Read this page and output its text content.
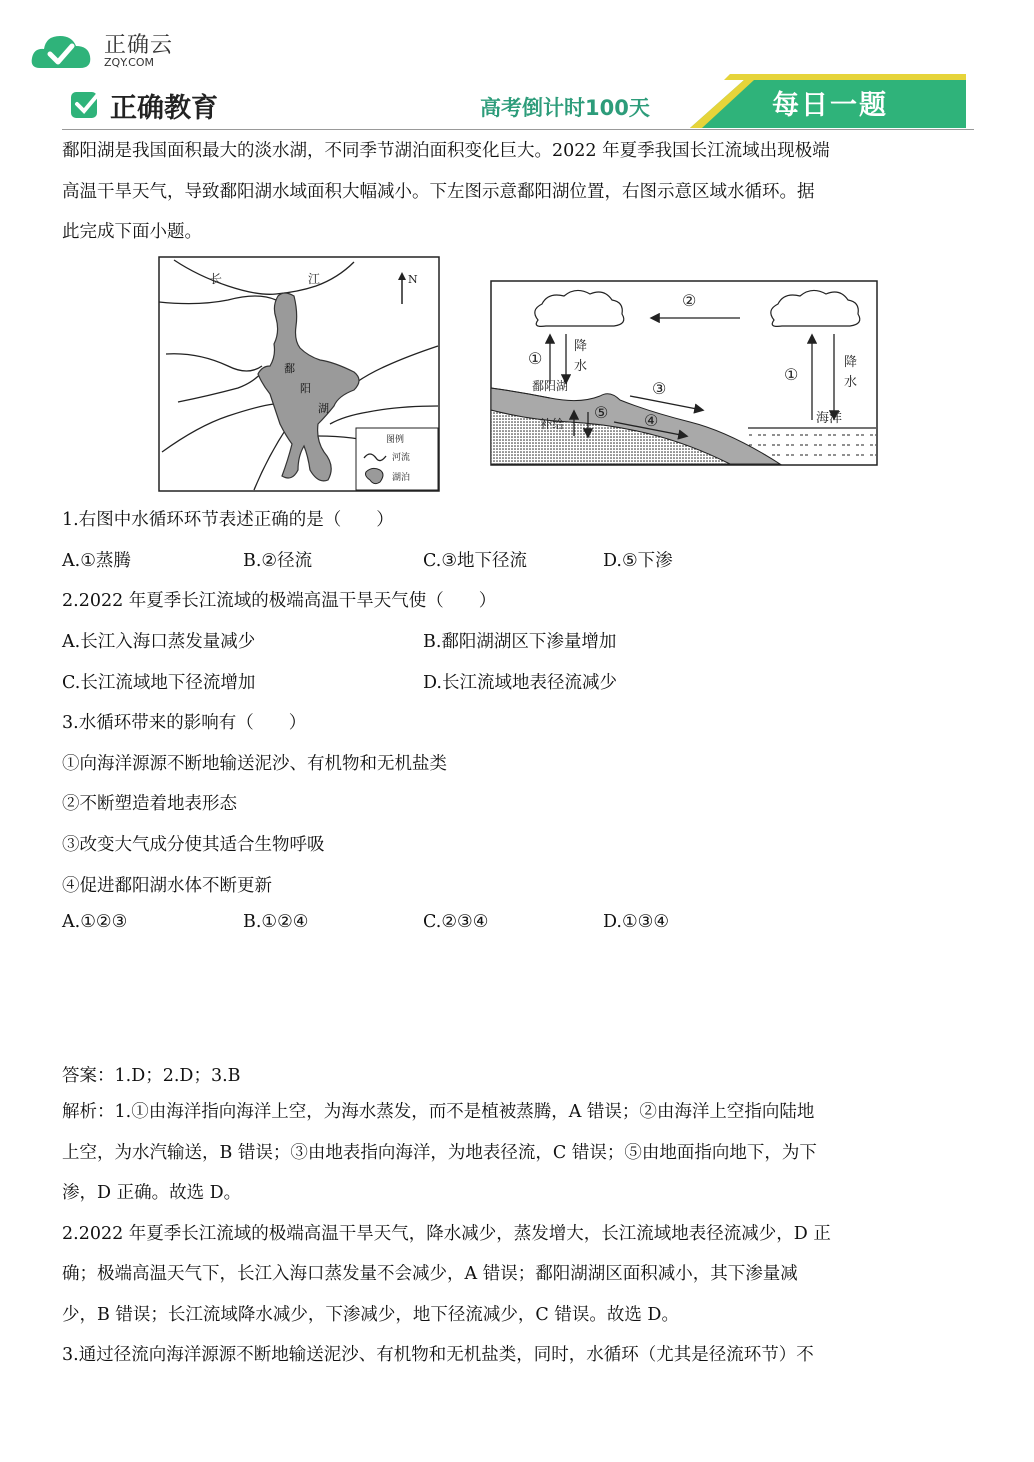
正确云
ZQY.COM
正确教育	高考倒计时100天	每日一题
鄱阳湖是我国面积最大的淡水湖，不同季节湖泊面积变化巨大。2022 年夏季我国长江流域出现极端
高温干旱天气，导致鄱阳湖水域面积大幅减小。下左图示意鄱阳湖位置，右图示意区域水循环。据
此完成下面小题。
长	江
鄱
阳
湖
N
图例
河流
湖泊
②
①
降
水
鄱阳湖	③
⑤
补给	④
①
降
水
海洋
1.右图中水循环环节表述正确的是（　　）
A.①蒸腾	B.②径流	C.③地下径流	D.⑤下渗
2.2022 年夏季长江流域的极端高温干旱天气使（　　）
A.长江入海口蒸发量减少	B.鄱阳湖湖区下渗量增加
C.长江流域地下径流增加	D.长江流域地表径流减少
3.水循环带来的影响有（　　）
①向海洋源源不断地输送泥沙、有机物和无机盐类
②不断塑造着地表形态
③改变大气成分使其适合生物呼吸
④促进鄱阳湖水体不断更新
A.①②③	B.①②④	C.②③④	D.①③④
答案：1.D；2.D；3.B
解析：1.①由海洋指向海洋上空，为海水蒸发，而不是植被蒸腾，A 错误；②由海洋上空指向陆地
上空，为水汽输送，B 错误；③由地表指向海洋，为地表径流，C 错误；⑤由地面指向地下，为下
渗，D 正确。故选 D。
2.2022 年夏季长江流域的极端高温干旱天气，降水减少，蒸发增大，长江流域地表径流减少，D 正
确；极端高温天气下，长江入海口蒸发量不会减少，A 错误；鄱阳湖湖区面积减小，其下渗量减
少，B 错误；长江流域降水减少，下渗减少，地下径流减少，C 错误。故选 D。
3.通过径流向海洋源源不断地输送泥沙、有机物和无机盐类，同时，水循环（尤其是径流环节）不
